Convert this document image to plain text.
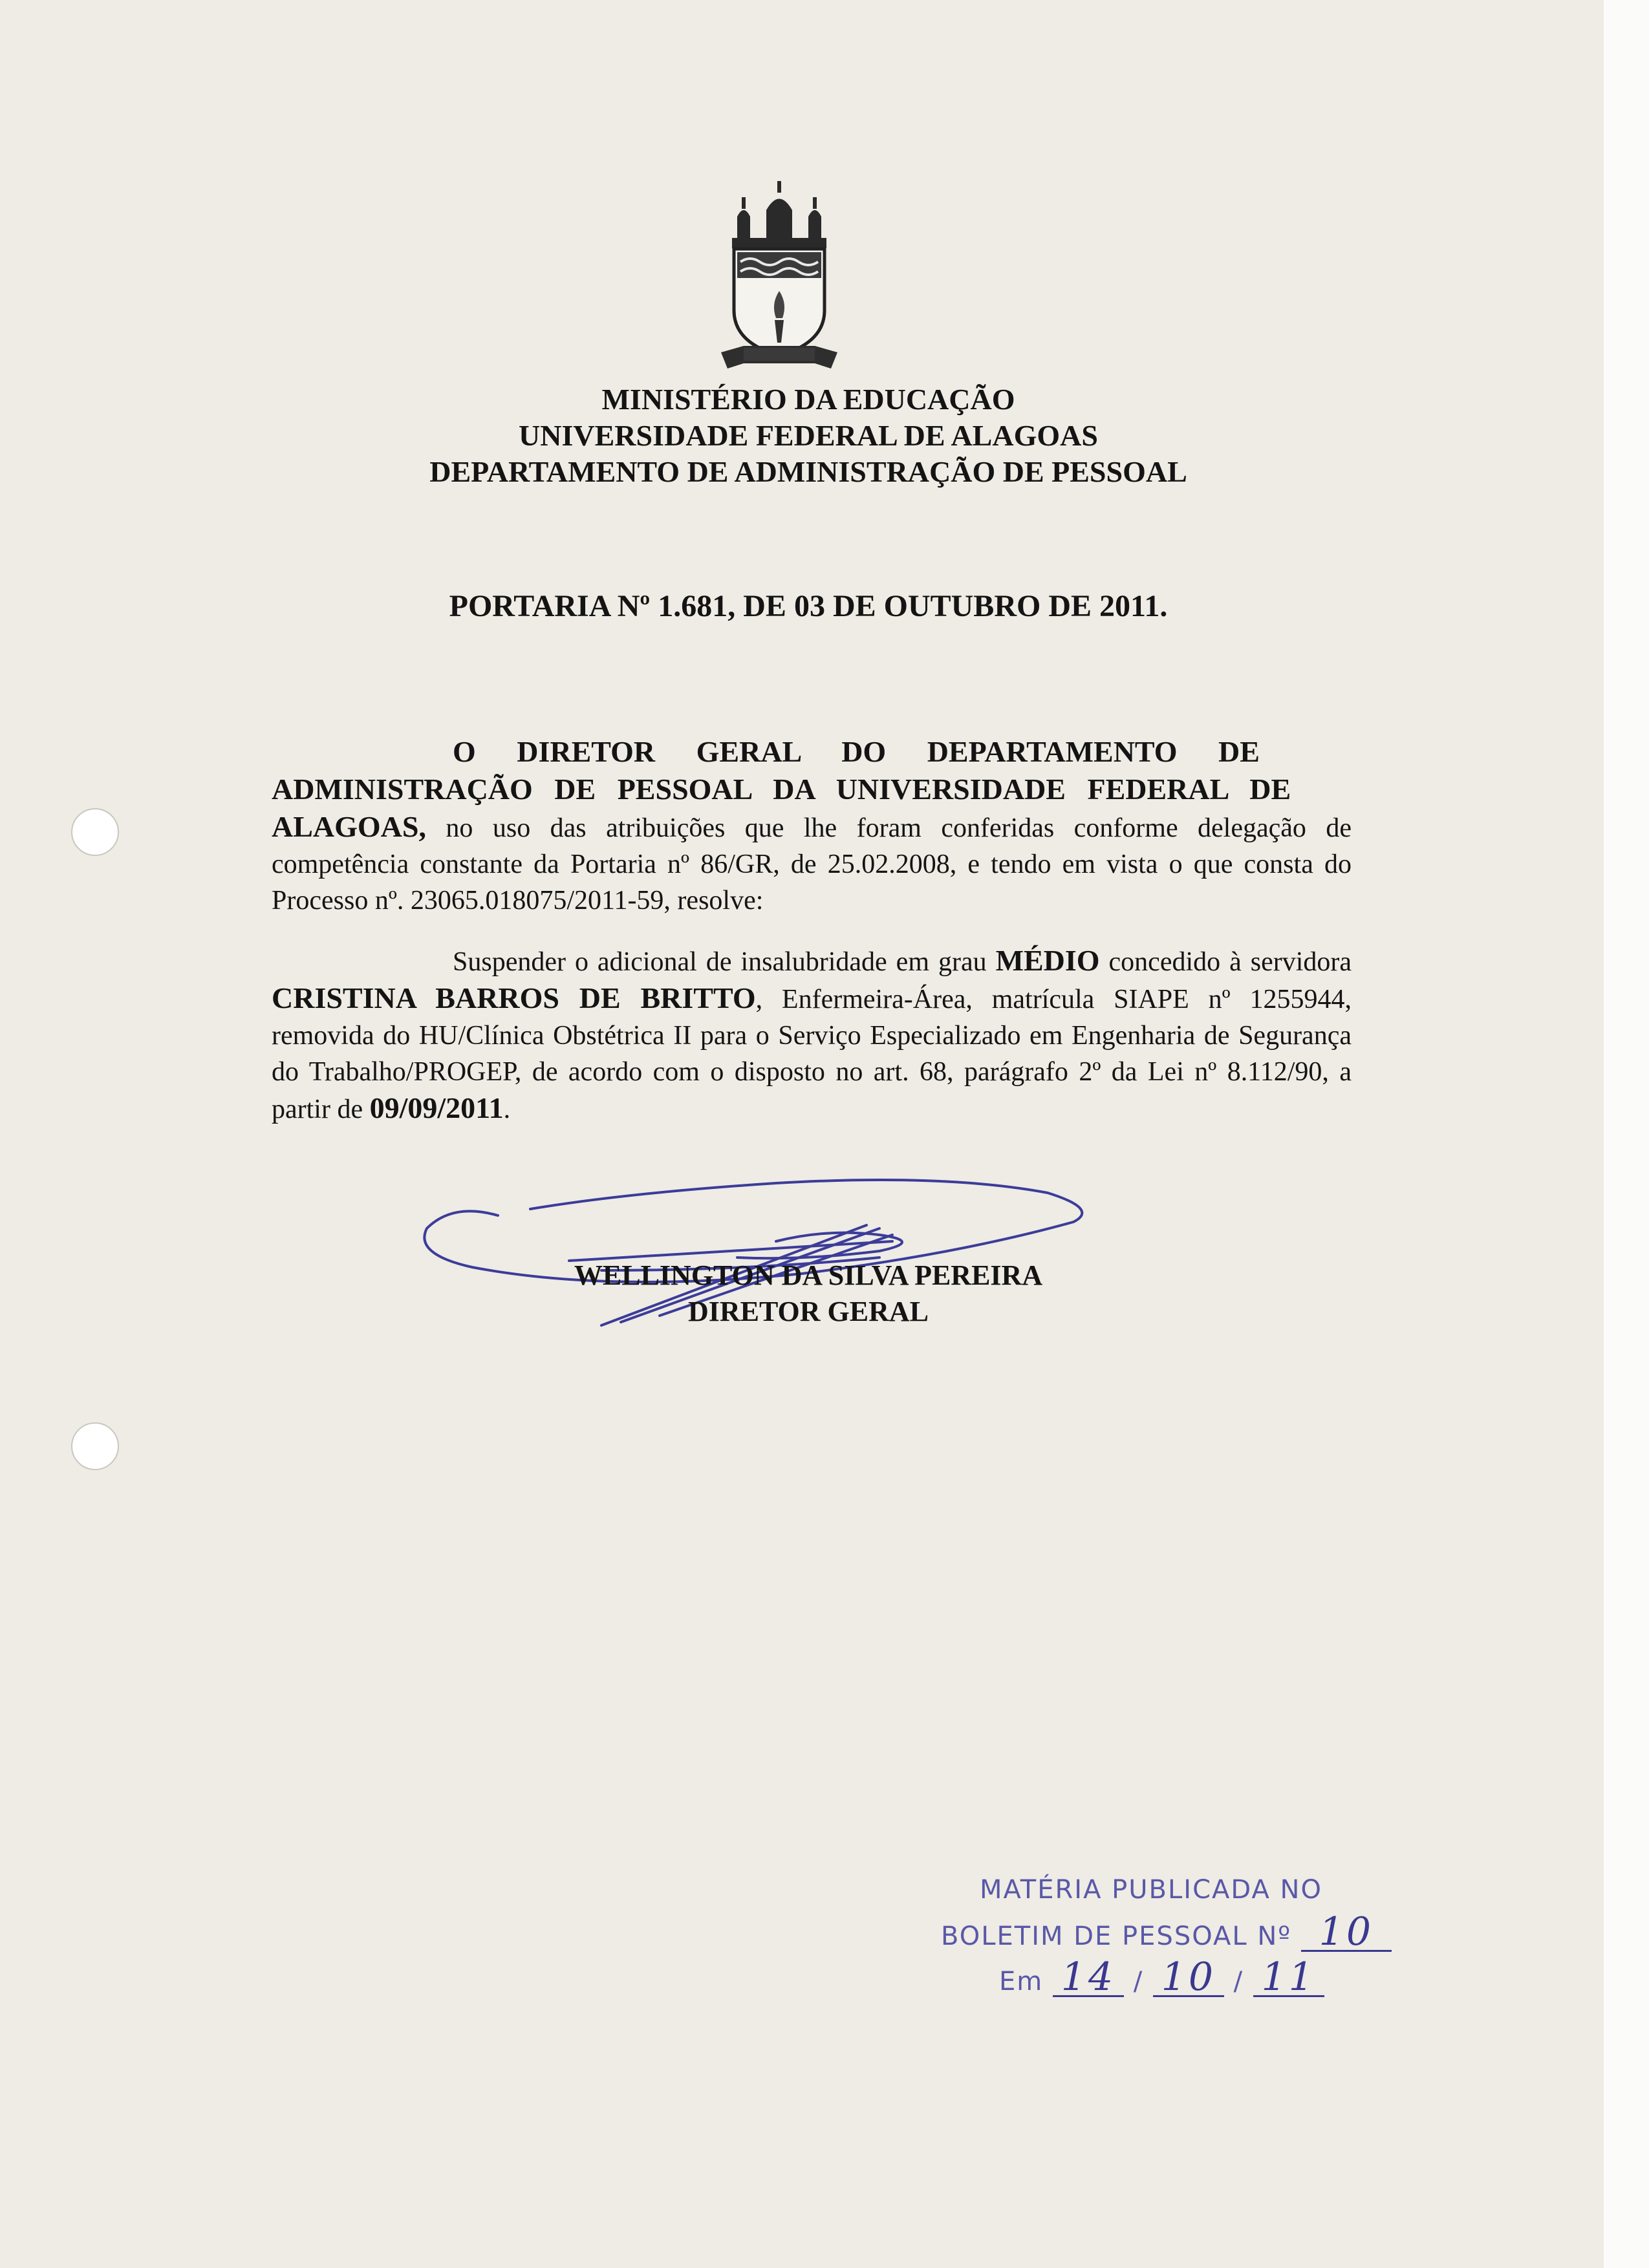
MINISTÉRIO DA EDUCAÇÃO
UNIVERSIDADE FEDERAL DE ALAGOAS
DEPARTAMENTO DE ADMINISTRAÇÃO DE PESSOAL
PORTARIA Nº 1.681, DE 03 DE OUTUBRO DE 2011.

O DIRETOR GERAL DO DEPARTAMENTO DE
ADMINISTRAÇÃO DE PESSOAL DA UNIVERSIDADE FEDERAL DE
ALAGOAS, no uso das atribuições que lhe foram conferidas conforme delegação de competência constante da Portaria nº 86/GR, de 25.02.2008, e tendo em vista o que consta do Processo nº. 23065.018075/2011-59, resolve:

Suspender o adicional de insalubridade em grau MÉDIO concedido à servidora CRISTINA BARROS DE BRITTO, Enfermeira-Área, matrícula SIAPE nº 1255944, removida do HU/Clínica Obstétrica II para o Serviço Especializado em Engenharia de Segurança do Trabalho/PROGEP, de acordo com o disposto no art. 68, parágrafo 2º da Lei nº 8.112/90, a partir de 09/09/2011.

WELLINGTON DA SILVA PEREIRA
DIRETOR GERAL
MATÉRIA PUBLICADA NO
BOLETIM DE PESSOAL Nº 10
Em 14 / 10 / 11
